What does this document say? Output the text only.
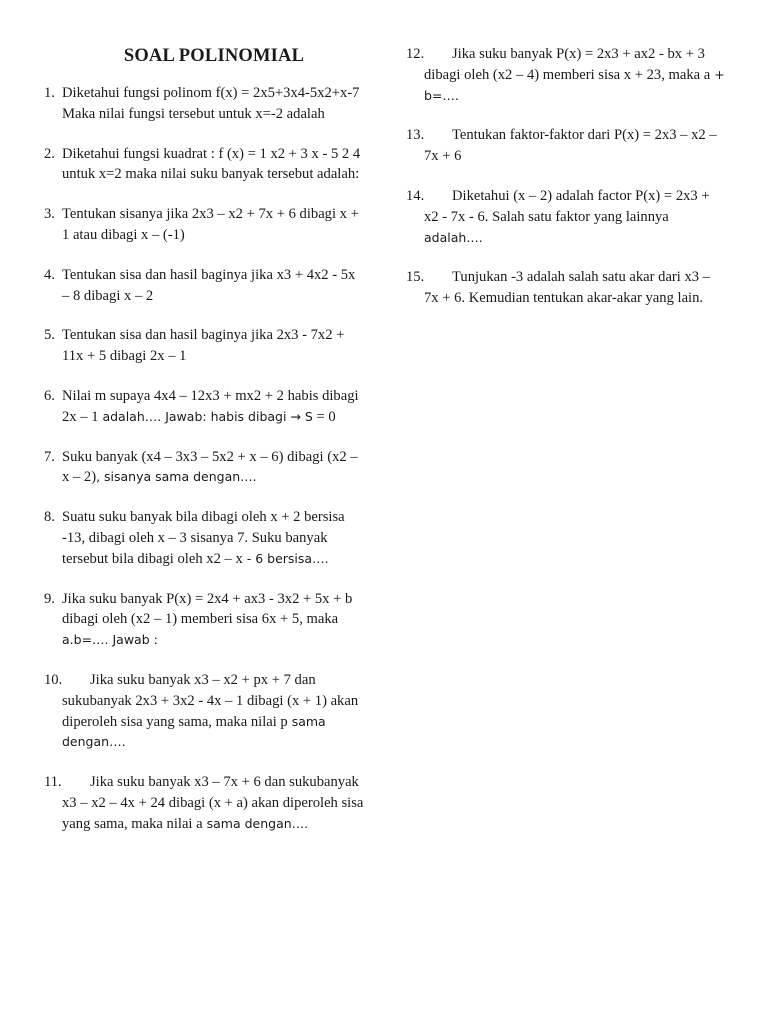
SOAL POLINOMIAL
1. Diketahui fungsi polinom f(x) = 2x5+3x4-5x2+x-7 Maka nilai fungsi tersebut untuk x=-2 adalah
2. Diketahui fungsi kuadrat : f (x) = 1 x2 + 3 x - 5 2 4 untuk x=2 maka nilai suku banyak tersebut adalah:
3. Tentukan sisanya jika 2x3 – x2 + 7x + 6 dibagi x + 1 atau dibagi x – (-1)
4. Tentukan sisa dan hasil baginya jika x3 + 4x2 - 5x – 8 dibagi x – 2
5. Tentukan sisa dan hasil baginya jika 2x3 - 7x2 + 11x + 5 dibagi 2x – 1
6. Nilai m supaya 4x4 – 12x3 + mx2 + 2 habis dibagi 2x – 1 adalah…. Jawab: habis dibagi → S = 0
7. Suku banyak (x4 – 3x3 – 5x2 + x – 6) dibagi (x2 – x – 2), sisanya sama dengan….
8. Suatu suku banyak bila dibagi oleh x + 2 bersisa -13, dibagi oleh x – 3 sisanya 7. Suku banyak tersebut bila dibagi oleh x2 – x - 6 bersisa….
9. Jika suku banyak P(x) = 2x4 + ax3 - 3x2 + 5x + b dibagi oleh (x2 – 1) memberi sisa 6x + 5, maka a.b=…. Jawab :
10.	Jika suku banyak x3 – x2 + px + 7 dan sukubanyak 2x3 + 3x2 - 4x – 1 dibagi (x + 1) akan diperoleh sisa yang sama, maka nilai p sama dengan….
11.	Jika suku banyak x3 – 7x + 6 dan sukubanyak x3 – x2 – 4x + 24 dibagi (x + a) akan diperoleh sisa yang sama, maka nilai a sama dengan….
12.	Jika suku banyak P(x) = 2x3 + ax2 - bx + 3 dibagi oleh (x2 – 4) memberi sisa x + 23, maka a + b=….
13.	Tentukan faktor-faktor dari P(x) = 2x3 – x2 – 7x + 6
14.	Diketahui (x – 2) adalah factor P(x) = 2x3 + x2 - 7x - 6. Salah satu faktor yang lainnya adalah….
15.	Tunjukan -3 adalah salah satu akar dari x3 – 7x + 6. Kemudian tentukan akar-akar yang lain.
